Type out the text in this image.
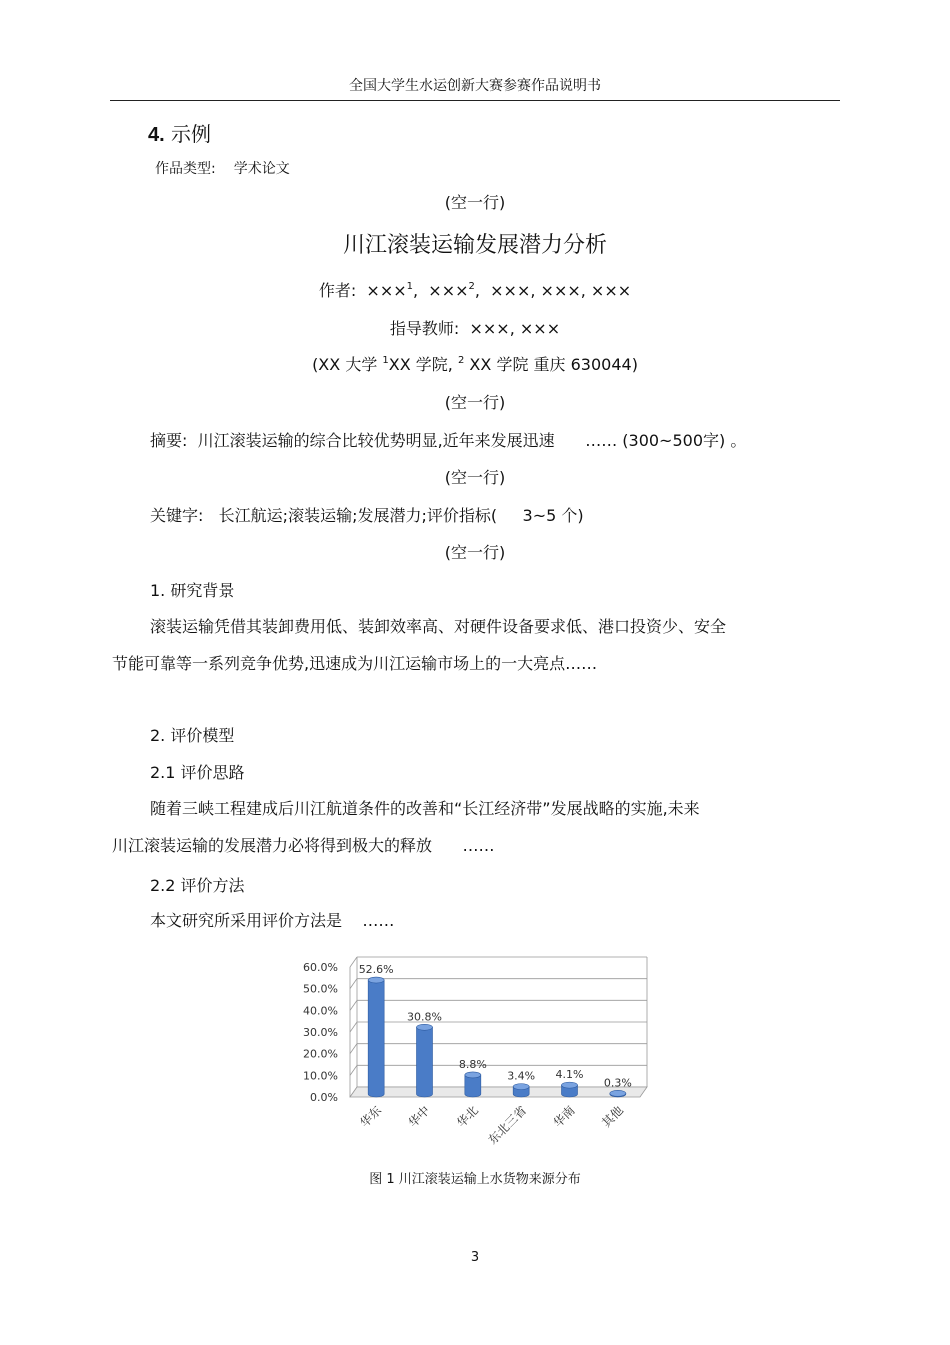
全国大学生水运创新大赛参赛作品说明书
4. 示例
作品类型: 学术论文
(空一行)
川江滚装运输发展潜力分析
作者: ×××$^1$,  ×××$^2$,  ×××, ×××, ×××
指导教师: ×××, ×××
(XX 大学 $^1$XX 学院, $^2$ XX 学院 重庆 630044)
(空一行)
摘要: 川江滚装运输的综合比较优势明显,近年来发展迅速 …… (300~500字) 。
(空一行)
关键字: 长江航运;滚装运输;发展潜力;评价指标( 3~5 个)
(空一行)
1. 研究背景
滚装运输凭借其装卸费用低、装卸效率高、对硬件设备要求低、港口投资少、安全
节能可靠等一系列竞争优势,迅速成为川江运输市场上的一大亮点……
2. 评价模型
2.1 评价思路
随着三峡工程建成后川江航道条件的改善和“长江经济带”发展战略的实施,未来
川江滚装运输的发展潜力必将得到极大的释放 ……
2.2 评价方法
本文研究所采用评价方法是 ……
0.0%
10.0%
20.0%
30.0%
40.0%
50.0%
60.0% 52.6%
华东
30.8%
华中
8.8%
华北
3.4%
东北三省
4.1%
华南
0.3%
其他
图 1 川江滚装运输上水货物来源分布
3
